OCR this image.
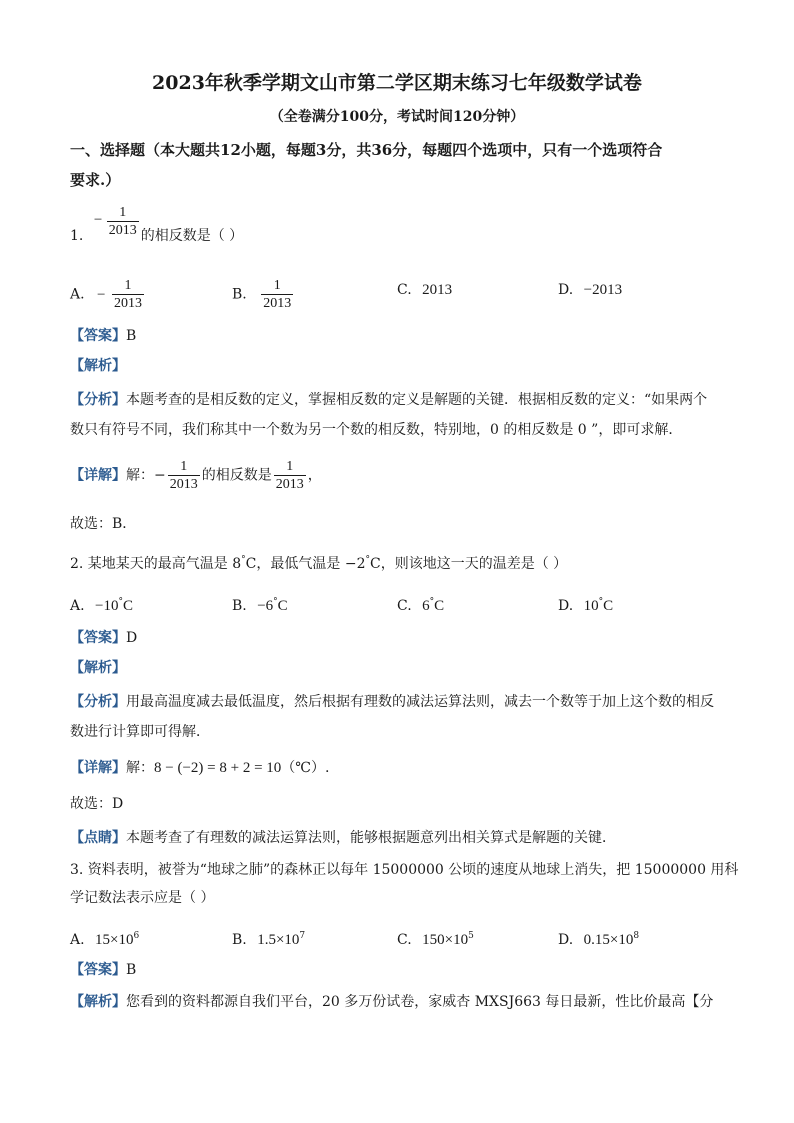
2023年秋季学期文山市第二学区期末练习七年级数学试卷
（全卷满分100分，考试时间120分钟）
一、选择题（本大题共12小题，每题3分，共36分，每题四个选项中，只有一个选项符合
要求.）
1. − $\frac{1}{2013}$ 的相反数是（ ）
A. − $\frac{1}{2013}$	B. $\frac{1}{2013}$	C. 2013	D. −2013
【答案】B
【解析】
【分析】本题考查的是相反数的定义，掌握相反数的定义是解题的关键．根据相反数的定义：“如果两个
数只有符号不同，我们称其中一个数为另一个数的相反数，特别地，0 的相反数是 0 ”，即可求解．
【详解】解：− $\frac{1}{2013}$ 的相反数是 $\frac{1}{2013}$ ，
故选：B．
2. 某地某天的最高气温是 8°C，最低气温是 −2°C，则该地这一天的温差是（ ）
A. −10°C	B. −6°C	C. 6°C	D. 10°C
【答案】D
【解析】
【分析】用最高温度减去最低温度，然后根据有理数的减法运算法则，减去一个数等于加上这个数的相反
数进行计算即可得解．
【详解】解：8 − (−2) = 8 + 2 = 10（℃）.
故选：D
【点睛】本题考查了有理数的减法运算法则，能够根据题意列出相关算式是解题的关键．
3. 资料表明，被誉为“地球之肺”的森林正以每年 15000000 公顷的速度从地球上消失，把 15000000 用科
学记数法表示应是（ ）
A. $15\times 10^6$	B. $1.5\times 10^7$	C. $150\times 10^5$	D. $0.15\times 10^8$
【答案】B
【解析】您看到的资料都源自我们平台，20 多万份试卷，家威杏 MXSJ663 每日最新，性比价最高【分
